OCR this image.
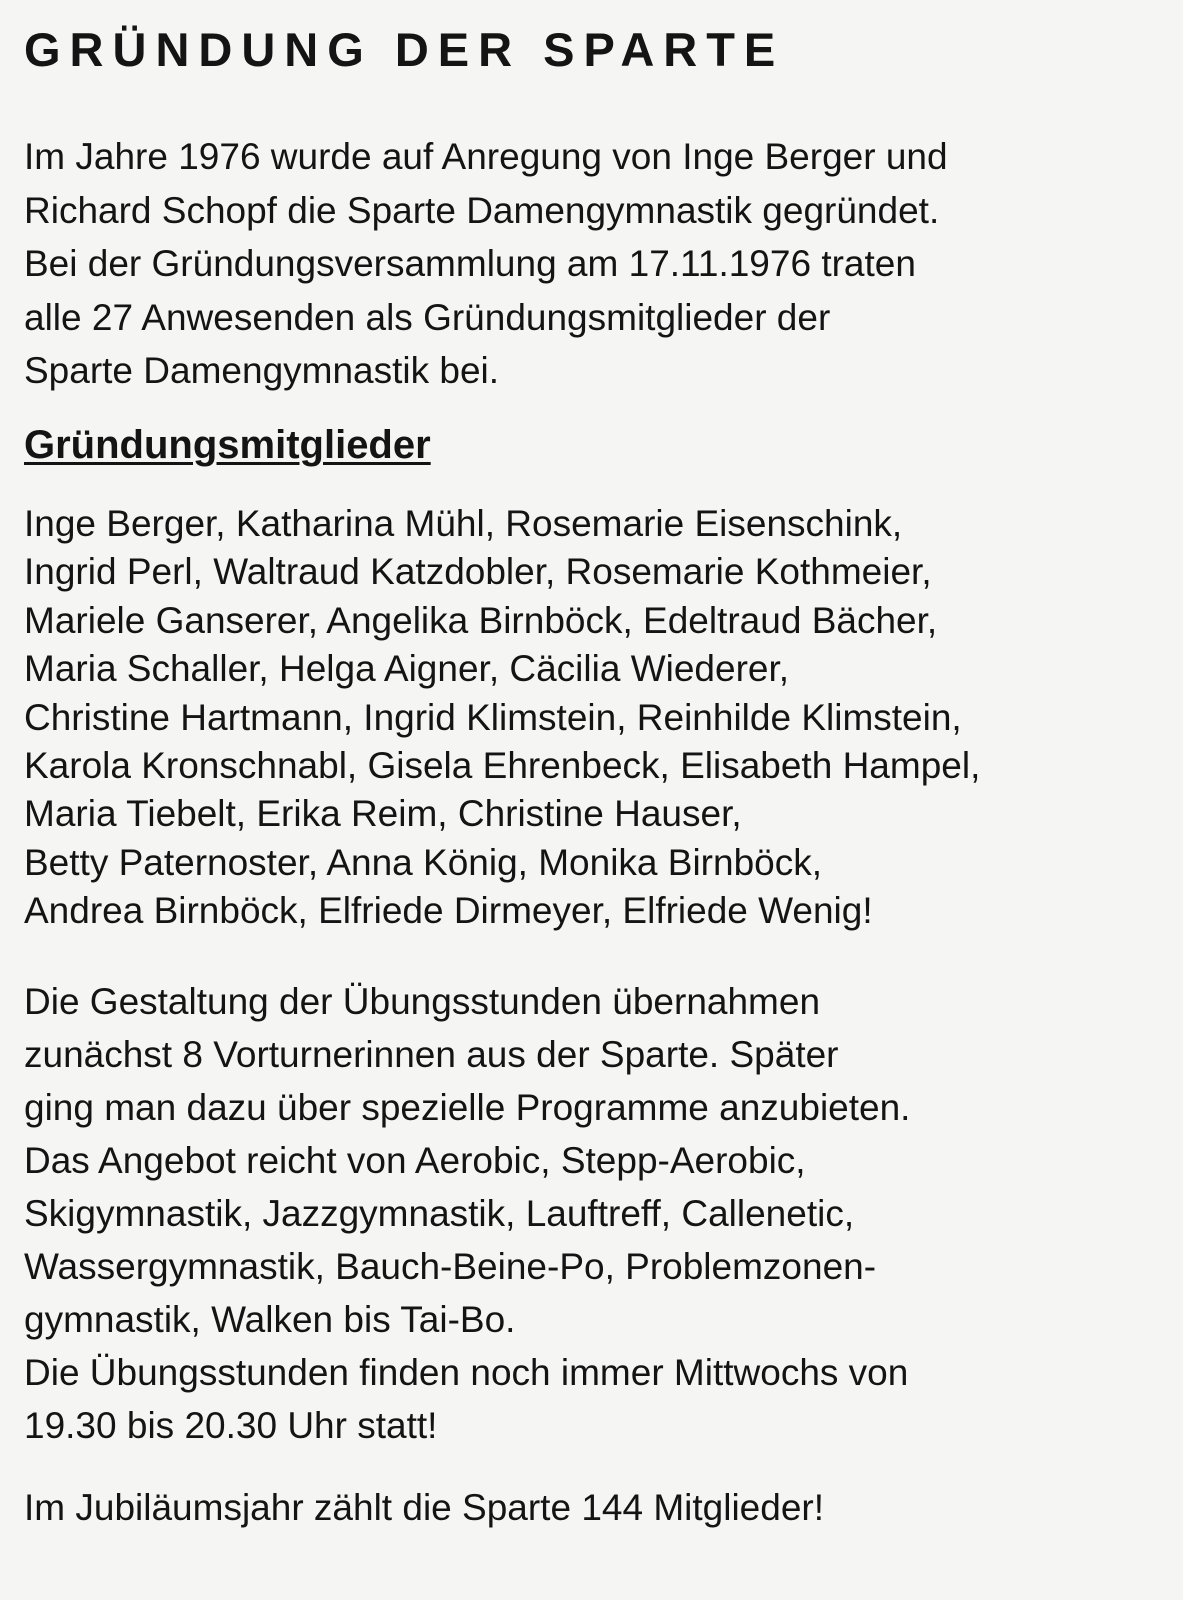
GRÜNDUNG DER SPARTE

Im Jahre 1976 wurde auf Anregung von Inge Berger und
Richard Schopf die Sparte Damengymnastik gegründet.
Bei der Gründungsversammlung am 17.11.1976 traten
alle 27 Anwesenden als Gründungsmitglieder der
Sparte Damengymnastik bei.

Gründungsmitglieder

Inge Berger, Katharina Mühl, Rosemarie Eisenschink,
Ingrid Perl, Waltraud Katzdobler, Rosemarie Kothmeier,
Mariele Ganserer, Angelika Birnböck, Edeltraud Bächer,
Maria Schaller, Helga Aigner, Cäcilia Wiederer,
Christine Hartmann, Ingrid Klimstein, Reinhilde Klimstein,
Karola Kronschnabl, Gisela Ehrenbeck, Elisabeth Hampel,
Maria Tiebelt, Erika Reim, Christine Hauser,
Betty Paternoster, Anna König, Monika Birnböck,
Andrea Birnböck, Elfriede Dirmeyer, Elfriede Wenig!

Die Gestaltung der Übungsstunden übernahmen
zunächst 8 Vorturnerinnen aus der Sparte. Später
ging man dazu über spezielle Programme anzubieten.
Das Angebot reicht von Aerobic, Stepp-Aerobic,
Skigymnastik, Jazzgymnastik, Lauftreff, Callenetic,
Wassergymnastik, Bauch-Beine-Po, Problemzonen-
gymnastik, Walken bis Tai-Bo.
Die Übungsstunden finden noch immer Mittwochs von
19.30 bis 20.30 Uhr statt!

Im Jubiläumsjahr zählt die Sparte 144 Mitglieder!
